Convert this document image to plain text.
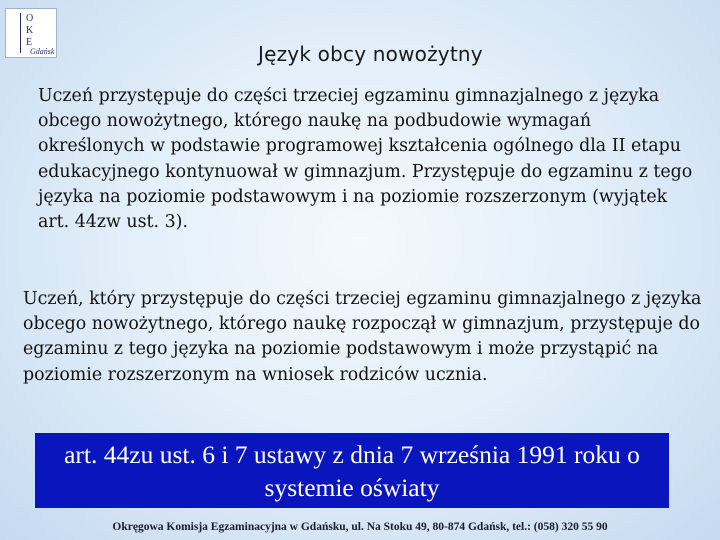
O
K
E
Gdańsk	Język obcy nowożytny

Uczeń przystępuje do części trzeciej egzaminu gimnazjalnego z języka obcego nowożytnego, którego naukę na podbudowie wymagań określonych w podstawie programowej kształcenia ogólnego dla II etapu edukacyjnego kontynuował w gimnazjum. Przystępuje do egzaminu z tego języka na poziomie podstawowym i na poziomie rozszerzonym (wyjątek art. 44zw ust. 3).

Uczeń, który przystępuje do części trzeciej egzaminu gimnazjalnego z języka obcego nowożytnego, którego naukę rozpoczął w gimnazjum, przystępuje do egzaminu z tego języka na poziomie podstawowym i może przystąpić na poziomie rozszerzonym na wniosek rodziców ucznia.

art. 44zu ust. 6 i 7 ustawy z dnia 7 września 1991 roku o systemie oświaty
Okręgowa Komisja Egzaminacyjna w Gdańsku, ul. Na Stoku 49, 80-874 Gdańsk, tel.: (058) 320 55 90
